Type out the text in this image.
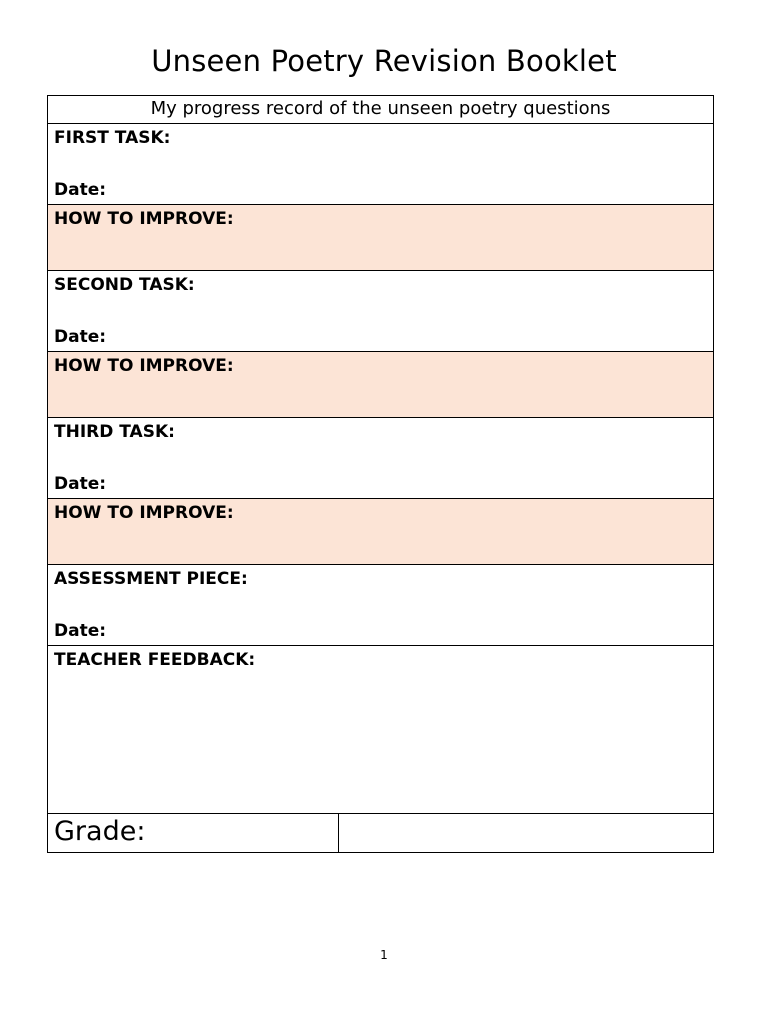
Unseen Poetry Revision Booklet
My progress record of the unseen poetry questions
FIRST TASK:
Date:
HOW TO IMPROVE:
SECOND TASK:
Date:
HOW TO IMPROVE:
THIRD TASK:
Date:
HOW TO IMPROVE:
ASSESSMENT PIECE:
Date:
TEACHER FEEDBACK:
Grade:
1
